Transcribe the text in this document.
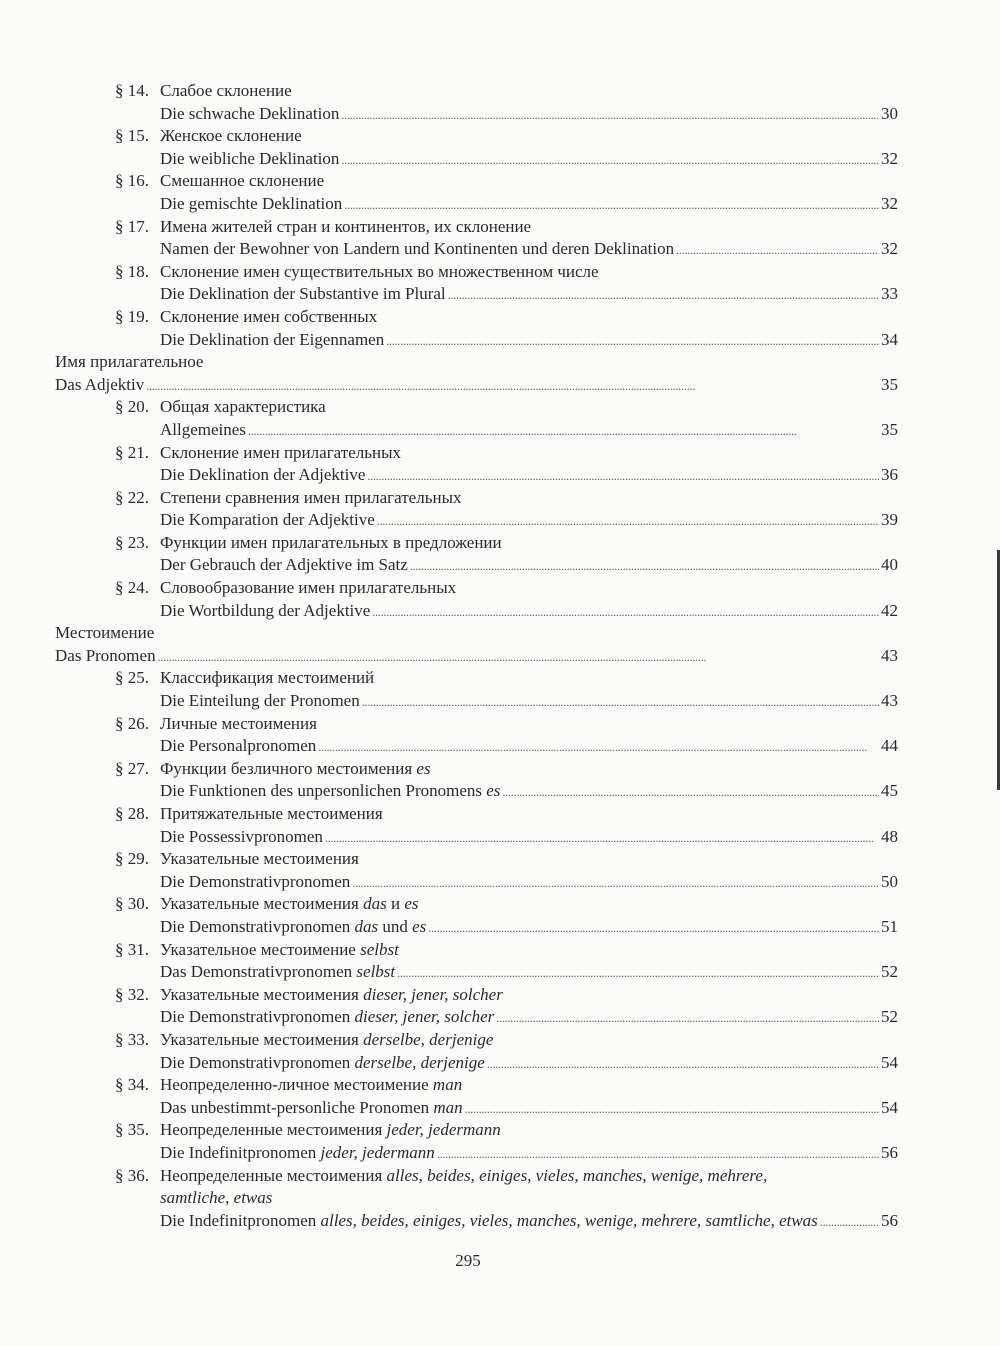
§ 14. Слабое склонение
Die schwache Deklination . . .	30
§ 15. Женское склонение
Die weibliche Deklination . . .	32
§ 16. Смешанное склонение
Die gemischte Deklination . . .	32
§ 17. Имена жителей стран и континентов, их склонение
Namen der Bewohner von Landern und Kontinenten und deren Deklination . . .	32
§ 18. Склонение имен существительных во множественном числе
Die Deklination der Substantive im Plural . . .	33
§ 19. Склонение имен собственных
Die Deklination der Eigennamen . . .	34
Имя прилагательное
Das Adjektiv . . .	35
§ 20. Общая характеристика
Allgemeines . . .	35
§ 21. Склонение имен прилагательных
Die Deklination der Adjektive . . .	36
§ 22. Степени сравнения имен прилагательных
Die Komparation der Adjektive . . .	39
§ 23. Функции имен прилагательных в предложении
Der Gebrauch der Adjektive im Satz . . .	40
§ 24. Словообразование имен прилагательных
Die Wortbildung der Adjektive . . .	42
Местоимение
Das Pronomen . . .	43
§ 25. Классификация местоимений
Die Einteilung der Pronomen . . .	43
§ 26. Личные местоимения
Die Personalpronomen . . .	44
§ 27. Функции безличного местоимения es
Die Funktionen des unpersonlichen Pronomens es . . .	45
§ 28. Притяжательные местоимения
Die Possessivpronomen . . .	48
§ 29. Указательные местоимения
Die Demonstrativpronomen . . .	50
§ 30. Указательные местоимения das и es
Die Demonstrativpronomen das und es . . .	51
§ 31. Указательное местоимение selbst
Das Demonstrativpronomen selbst . . .	52
§ 32. Указательные местоимения dieser, jener, solcher
Die Demonstrativpronomen dieser, jener, solcher . . .	52
§ 33. Указательные местоимения derselbe, derjenige
Die Demonstrativpronomen derselbe, derjenige . . .	54
§ 34. Неопределенно-личное местоимение man
Das unbestimmt-personliche Pronomen man . . .	54
§ 35. Неопределенные местоимения jeder, jedermann
Die Indefinitpronomen jeder, jedermann . . .	56
§ 36. Неопределенные местоимения alles, beides, einiges, vieles, manches, wenige, mehrere,
samtliche, etwas
Die Indefinitpronomen alles, beides, einiges, vieles, manches, wenige, mehrere, samtliche, etwas . . .	56
295
